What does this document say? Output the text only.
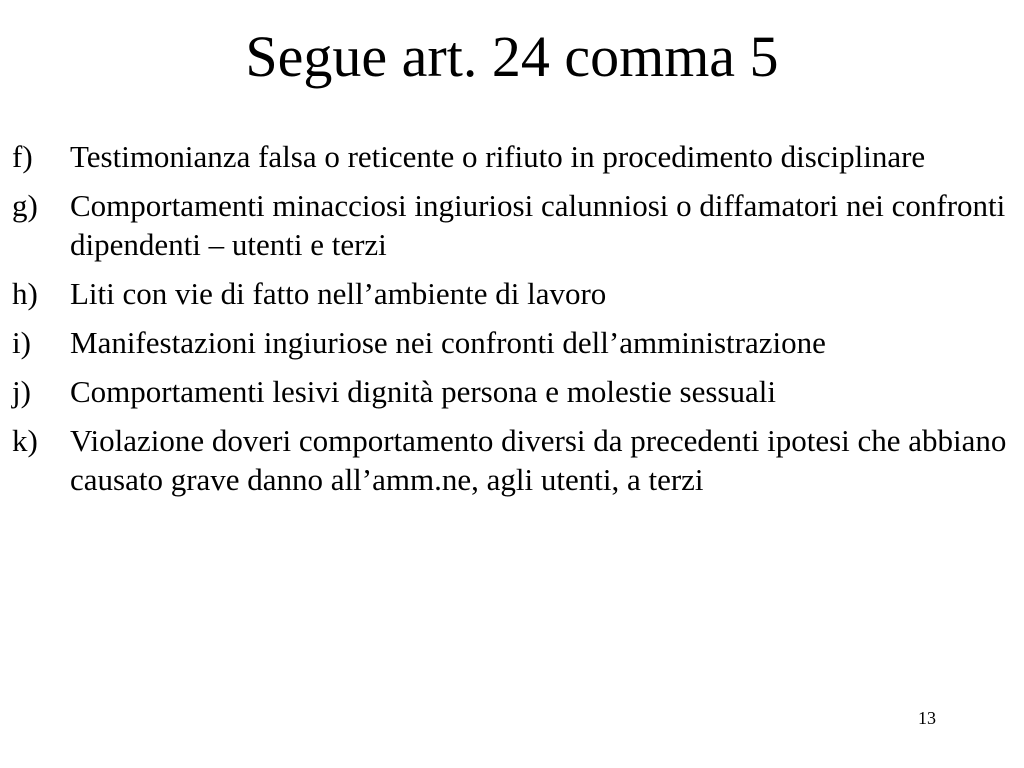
Segue art. 24 comma 5
f)	Testimonianza falsa o reticente o rifiuto in procedimento disciplinare
g)	Comportamenti minacciosi ingiuriosi calunniosi o diffamatori nei confronti dipendenti – utenti e terzi
h)	Liti con vie di fatto nell’ambiente di lavoro
i)	Manifestazioni ingiuriose nei confronti dell’amministrazione
j)	Comportamenti lesivi dignità persona e molestie sessuali
k)	Violazione doveri comportamento diversi da precedenti ipotesi che abbiano causato grave danno all’amm.ne, agli utenti, a terzi
13
